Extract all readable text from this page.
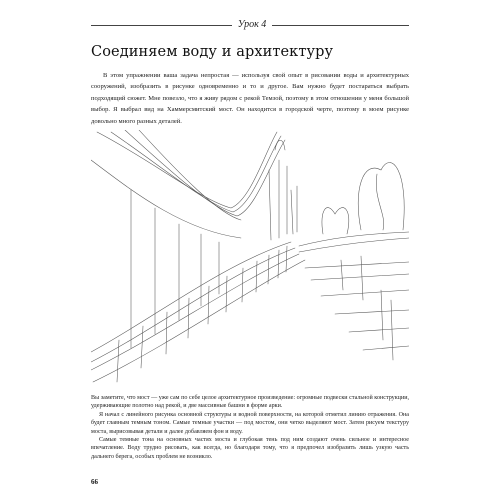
Урок 4
Соединяем воду и архитектуру

В этом упражнении ваша задача непростая — используя свой опыт в рисовании воды и архитектурных сооружений, изобразить в рисунке одновременно и то и другое. Вам нужно будет постараться выбрать подходящий сюжет. Мне повезло, что я живу рядом с рекой Темзой, поэтому в этом отношении у меня большой выбор. Я выбрал вид на Хаммерсмитский мост. Он находится в городской черте, поэтому в моем рисунке довольно много разных деталей.

Вы заметите, что мост — уже сам по себе целое архитектурное произведение: огромные подвески стальной конструкции, удерживающие полотно над рекой, и две массивные башни в форме арки.

Я начал с линейного рисунка основной структуры и водной поверхности, на которой отметил линию отражения. Она будет главным темным тоном. Самые темные участки — под мостом, они четко выделяют мост. Затем рисуем текстуру моста, вырисовывая детали и далее добавляем фон и воду.

Самые темные тона на основных частях моста и глубокая тень под ним создают очень сильное и интересное впечатление. Воду трудно рисовать, как всегда, но благодаря тому, что я предпочел изобразить лишь узкую часть дальнего берега, особых проблем не возникло.

66
